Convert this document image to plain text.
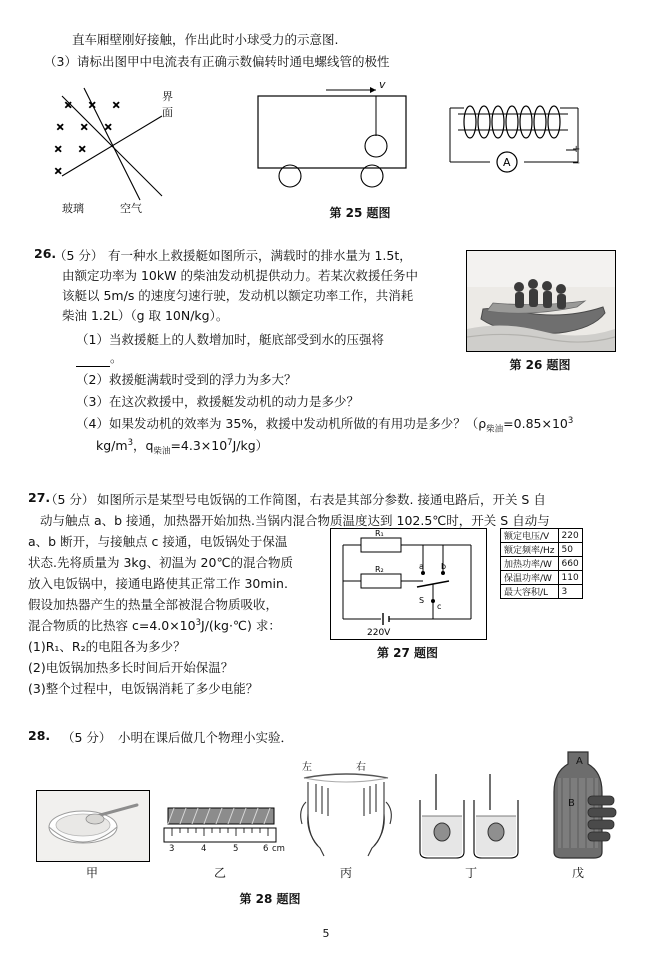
直车厢壁刚好接触，作出此时小球受力的示意图.
（3）请标出图甲中电流表有正确示数偏转时通电螺线管的极性
× × ×
× × ×
× ×
×
界
面
玻璃	空气
v
A
+
−
第 25 题图
26.
（5 分） 有一种水上救援艇如图所示，满载时的排水量为 1.5t，
由额定功率为 10kW 的柴油发动机提供动力。若某次救援任务中
该艇以 5m/s 的速度匀速行驶，发动机以额定功率工作，共消耗
柴油 1.2L）（g 取 10N/kg）。
（1）当救援艇上的人数增加时，艇底部受到水的压强将
。
（2）救援艇满载时受到的浮力为多大？
（3）在这次救援中，救援艇发动机的动力是多少？
（4）如果发动机的效率为 35%，救援中发动机所做的有用功是多少？（$\rho_{柴油}=0.85\times 10^3$
$kg/m^3$，$q_{柴油}=4.3\times 10^7J/kg$）
第 26 题图
27.
（5 分） 如图所示是某型号电饭锅的工作简图，右表是其部分参数. 接通电路后，开关 S 自
动与触点 a、b 接通，加热器开始加热.当锅内混合物质温度达到 102.5℃时，开关 S 自动与
a、b 断开，与接触点 c 接通，电饭锅处于保温
状态.先将质量为 3kg、初温为 20℃的混合物质
放入电饭锅中，接通电路使其正常工作 30min.
假设加热器产生的热量全部被混合物质吸收，
混合物质的比热容 $c=4.0\times 10^3J/(kg\cdot℃)$ 求：
(1)R₁、R₂的电阻各为多少？
(2)电饭锅加热多长时间后开始保温？
(3)整个过程中，电饭锅消耗了多少电能？
R₁
R₂	a b
S
c
220V
额定电压/V	220
额定频率/Hz	50
加热功率/W	660
保温功率/W	110
最大容积/L	3
第 27 题图
28. （5 分） 小明在课后做几个物理小实验．
甲
3	4	5	6 cm
乙
左	右
丙	丁
A
B
戊
第 28 题图
5
